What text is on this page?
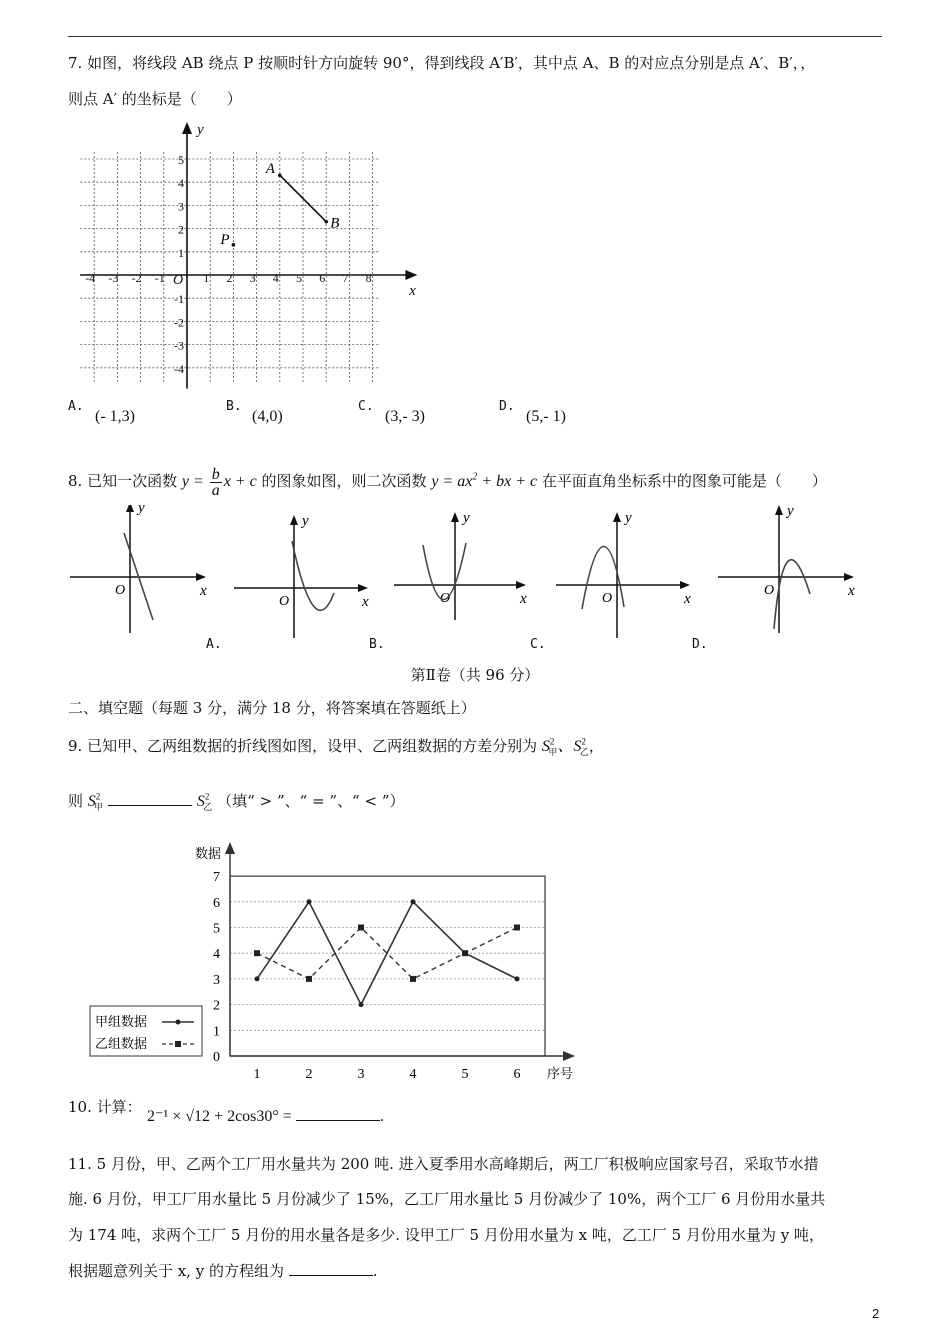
7. 如图，将线段 AB 绕点 P 按顺时针方向旋转 90°，得到线段 A′B′，其中点 A、B 的对应点分别是点 A′、B′，，
则点 A′ 的坐标是（　　）
-4 -3 -2 -1	1 2 3 4 5 6 7 8
5
4
3
2
1
-1
-2
-3
-4
O
x
y
A
B
P
A.
(- 1,3)
B.
(4,0)
C.
(3,- 3)
D.
(5,- 1)
8. 已知一次函数 $y = \frac{b}{a}$ x + c 的图象如图，则二次函数 $y = ax^2$ + bx + c 在平面直角坐标系中的图象可能是（　　）
O	x
y
O	x
y
O	x
y
O	x
y
O	x
y
A.	B.	C.	D.
第Ⅱ卷（共 96 分）
二、填空题（每题 3 分，满分 18 分，将答案填在答题纸上）
9. 已知甲、乙两组数据的折线图如图，设甲、乙两组数据的方差分别为 $S^2_甲$、$S^2_乙$，
则 $S^2_甲$	$S^2_乙$ （填“ > ”、“ = ”、“ < ”）
0
1
2
3
4
5
6
7
1	2	3	4	5	6
数据
序号
甲组数据
乙组数据
10. 计算：
2⁻¹ × √12 + 2cos30° =	.
11. 5 月份，甲、乙两个工厂用水量共为 200 吨. 进入夏季用水高峰期后，两工厂积极响应国家号召，采取节水措
施. 6 月份，甲工厂用水量比 5 月份减少了 15%，乙工厂用水量比 5 月份减少了 10%，两个工厂 6 月份用水量共
为 174 吨，求两个工厂 5 月份的用水量各是多少. 设甲工厂 5 月份用水量为 x 吨，乙工厂 5 月份用水量为 y 吨，
根据题意列关于 x, y 的方程组为	.
2
